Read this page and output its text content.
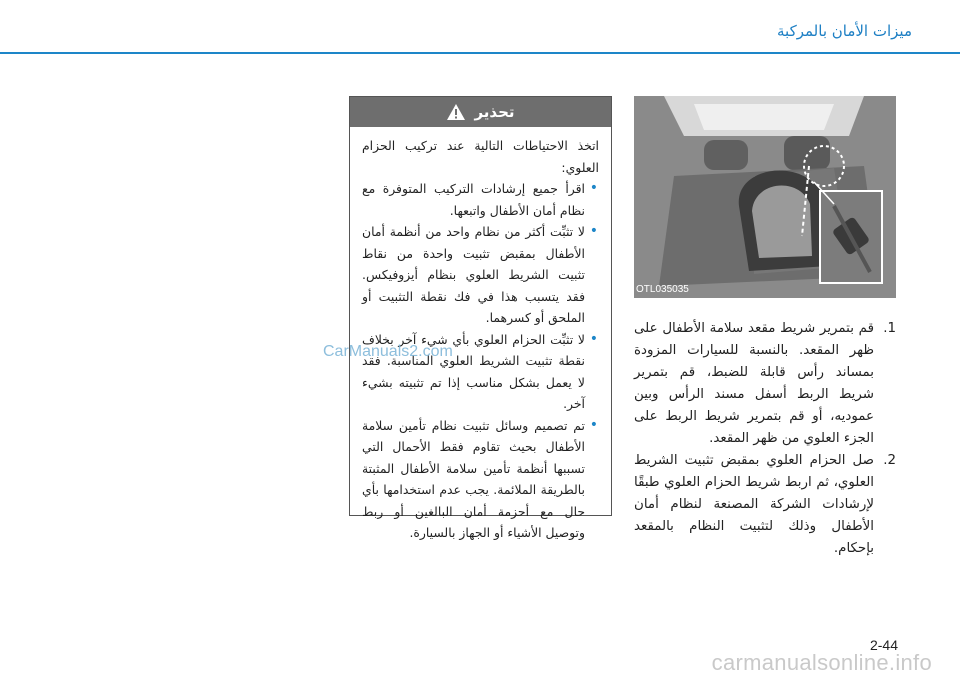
ميزات الأمان بالمركبة
OTL035035
1.
قم بتمرير شريط مقعد سلامة الأطفال على ظهر المقعد. بالنسبة للسيارات المزودة بمساند رأس قابلة للضبط، قم بتمرير شريط الربط أسفل مسند الرأس وبين عموديه، أو قم بتمرير شريط الربط على الجزء العلوي من ظهر المقعد.
2.
صل الحزام العلوي بمقبض تثبيت الشريط العلوي، ثم اربط شريط الحزام العلوي طبقًا لإرشادات الشركة المصنعة لنظام أمان الأطفال وذلك لتثبيت النظام بالمقعد بإحكام.
تحذير
اتخذ الاحتياطات التالية عند تركيب الحزام العلوي:
• اقرأ جميع إرشادات التركيب المتوفرة مع نظام أمان الأطفال واتبعها.
• لا تثبِّت أكثر من نظام واحد من أنظمة أمان الأطفال بمقبض تثبيت واحدة من نقاط تثبيت الشريط العلوي بنظام أيزوفيكس. فقد يتسبب هذا في فك نقطة التثبيت أو الملحق أو كسرهما.
• لا تثبِّت الحزام العلوي بأي شيء آخر بخلاف نقطة تثبيت الشريط العلوي المناسبة. فقد لا يعمل بشكل مناسب إذا تم تثبيته بشيء آخر.
• تم تصميم وسائل تثبيت نظام تأمين سلامة الأطفال بحيث تقاوم فقط الأحمال التي تسببها أنظمة تأمين سلامة الأطفال المثبتة بالطريقة الملائمة. يجب عدم استخدامها بأي حال مع أحزمة أمان البالغين أو ربط وتوصيل الأشياء أو الجهاز بالسيارة.
CarManuals2.com
2-44
carmanualsonline.info
